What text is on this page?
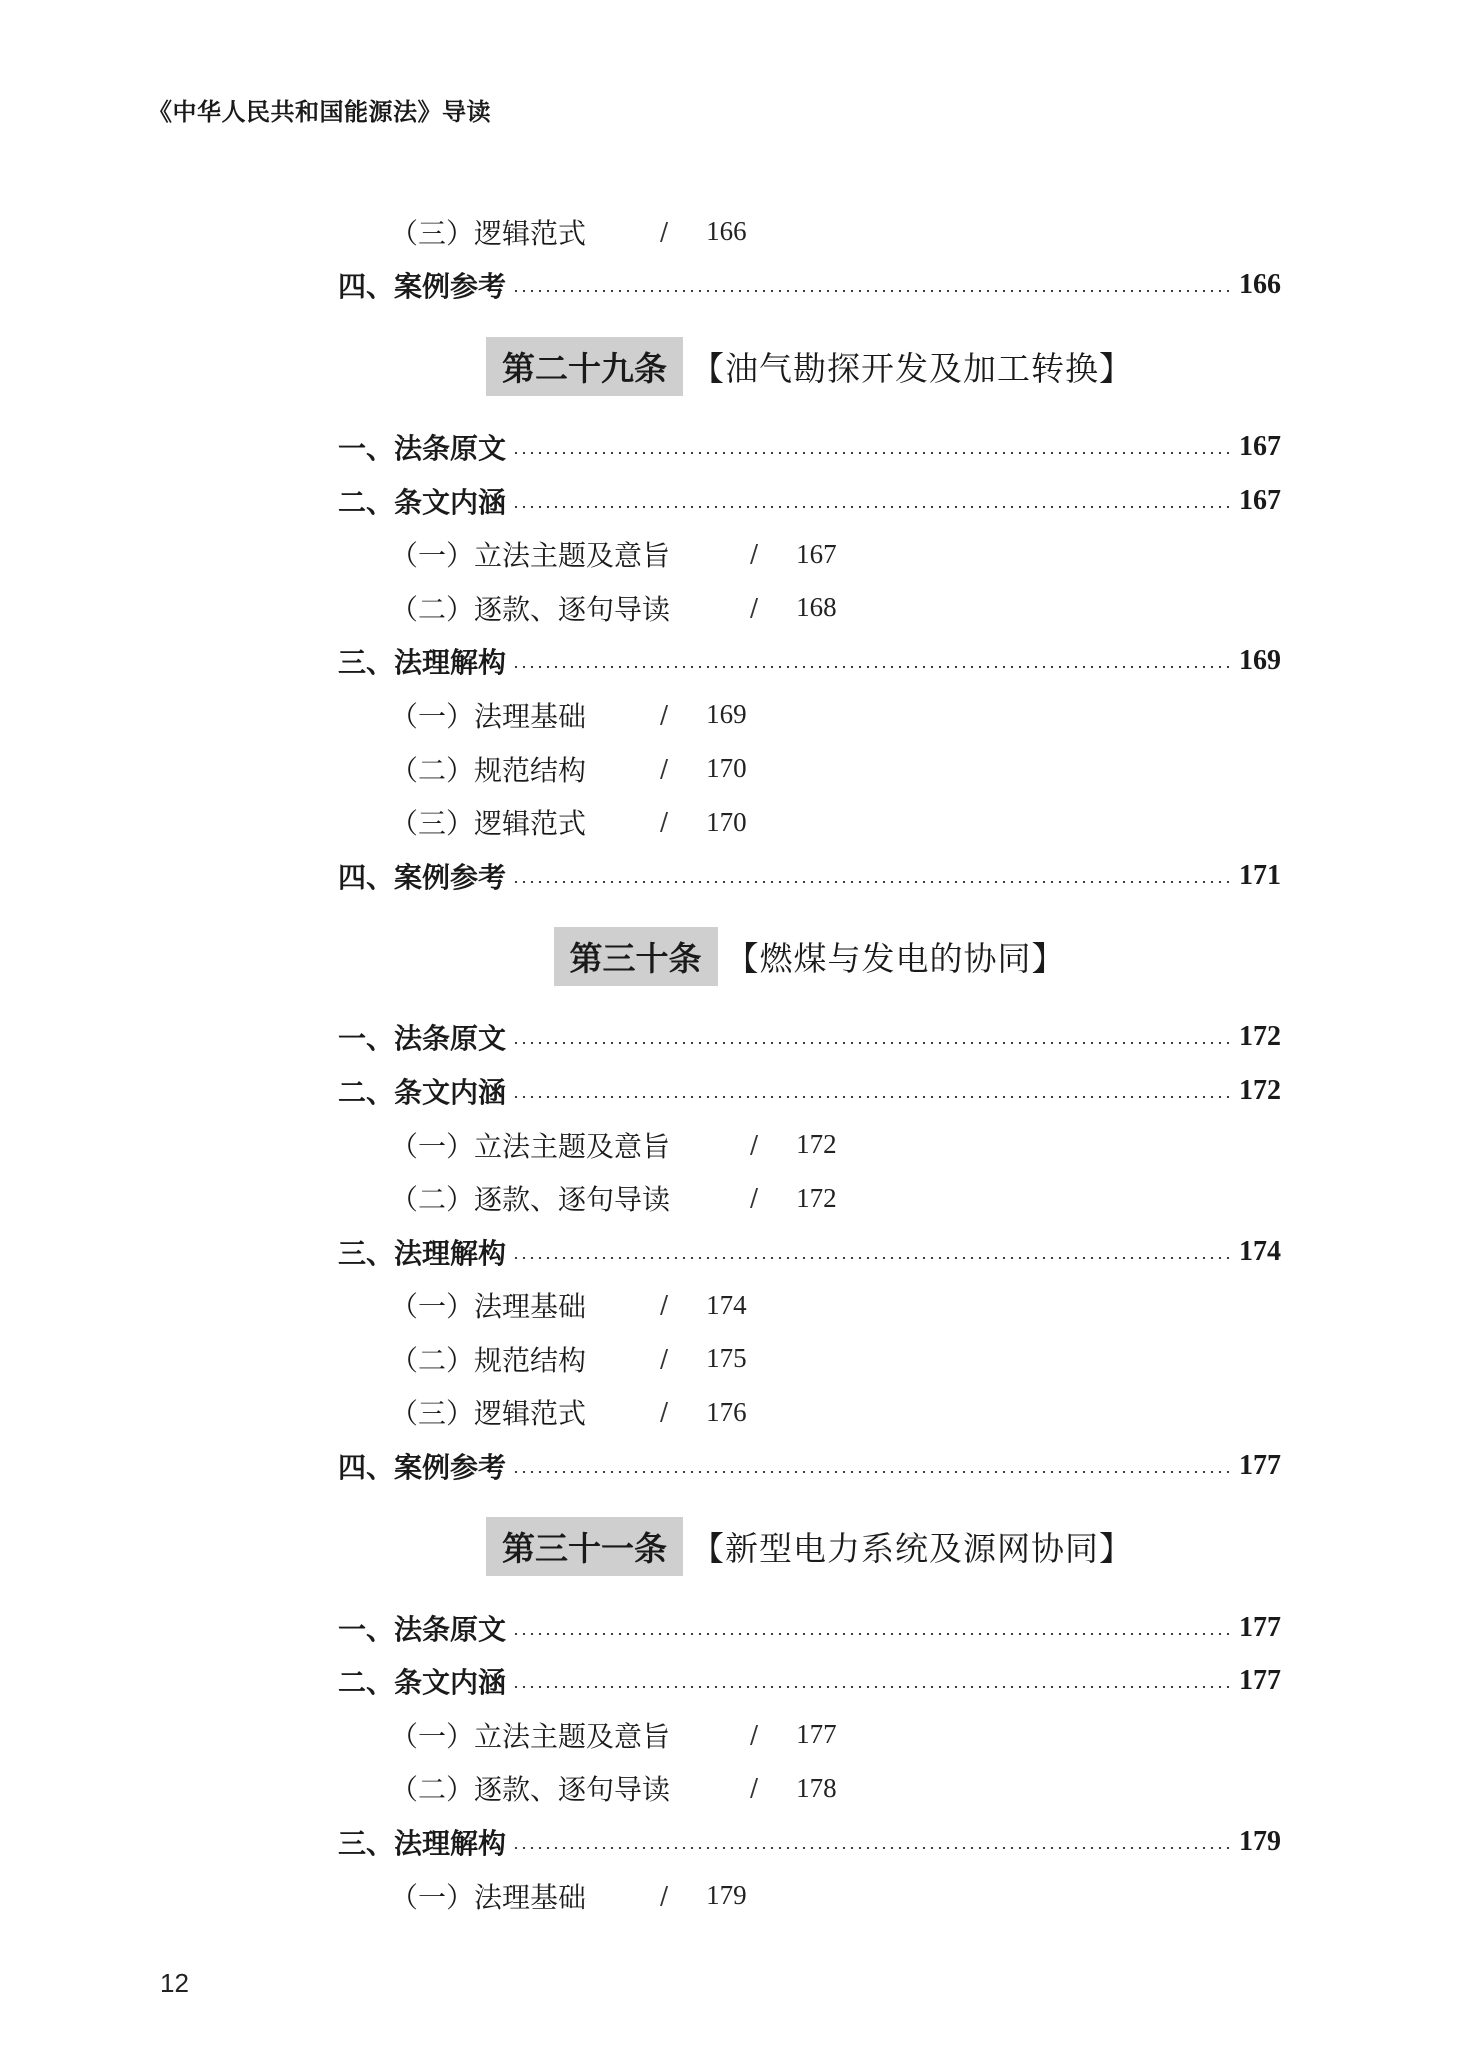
《中华人民共和国能源法》导读
（三）逻辑范式	/ 166
四、案例参考	166
第二十九条 【油气勘探开发及加工转换】
一、法条原文	167
二、条文内涵	167
（一）立法主题及意旨	/ 167
（二）逐款、逐句导读	/ 168
三、法理解构	169
（一）法理基础	/ 169
（二）规范结构	/ 170
（三）逻辑范式	/ 170
四、案例参考	171
第三十条 【燃煤与发电的协同】
一、法条原文	172
二、条文内涵	172
（一）立法主题及意旨	/ 172
（二）逐款、逐句导读	/ 172
三、法理解构	174
（一）法理基础	/ 174
（二）规范结构	/ 175
（三）逻辑范式	/ 176
四、案例参考	177
第三十一条 【新型电力系统及源网协同】
一、法条原文	177
二、条文内涵	177
（一）立法主题及意旨	/ 177
（二）逐款、逐句导读	/ 178
三、法理解构	179
（一）法理基础	/ 179
12
